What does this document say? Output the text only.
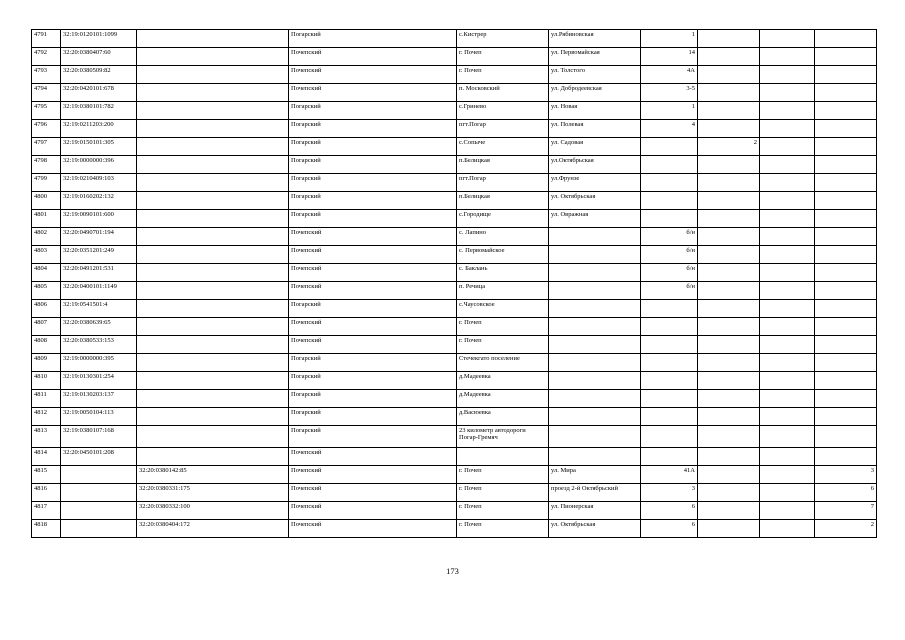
4791	32:19:0120101:1099		Погарский	с.Кистрер	ул.Рябиновская	1			
4792	32:20:0380407:60		Почепский	г. Почеп	ул. Первомайская	14			
4793	32:20:0380509:82		Почепский	г. Почеп	ул. Толстого	4А			
4794	32:20:0420101:678		Почепский	п. Московский	ул. Добродеевская	3-5			
4795	32:19:0380101:782		Погарский	с.Гринево	ул. Новая	1			
4796	32:19:0211203:200		Погарский	пгт.Погар	ул. Полевая	4			
4797	32:19:0150101:305		Погарский	с.Сопыче	ул. Садовая		2		
4798	32:19:0000000:396		Погарский	п.Белицкая	ул.Октябрьская				
4799	32:19:0210409:103		Погарский	пгт.Погар	ул.Фрунзе				
4800	32:19:0160202:132		Погарский	п.Белицкая	ул. Октябрьская				
4801	32:19:0090101:600		Погарский	с.Городище	ул. Овражная				
4802	32:20:0490701:194		Почепский	с. Лапино		б/н			
4803	32:20:0351201:249		Почепский	с. Первомайское		б/н			
4804	32:20:0491201:531		Почепский	с. Баклань		б/н			
4805	32:20:0400101:1149		Почепский	п. Речица		б/н			
4806	32:19:0541501:4		Погарский	с.Чаусовское					
4807	32:20:0380639:65		Почепский	г. Почеп					
4808	32:20:0380533:153		Почепский	г. Почеп					
4809	32:19:0000000:395		Погарский	Стечекгато поселение					
4810	32:19:0130301:254		Погарский	д.Мадеевка					
4811	32:19:0130203:137		Погарский	д.Мадеевка					
4812	32:19:0050104:113		Погарский	д.Васюевка					
4813	32:19:0380107:168		Погарский	23 километр автодороги Погар-Гремяч					
4814	32:20:0450101:208		Почепский						
4815		32:20:0380142:85	Почепский	г. Почеп	ул. Мира	41А			3
4816		32:20:0380331:175	Почепский	г. Почеп	проезд 2-й Октябрьский	3			6
4817		32:20:0380332:100	Почепский	г. Почеп	ул. Пионерская	6			7
4818		32:20:0380404:172	Почепский	г. Почеп	ул. Октябрьская	6			2
173
